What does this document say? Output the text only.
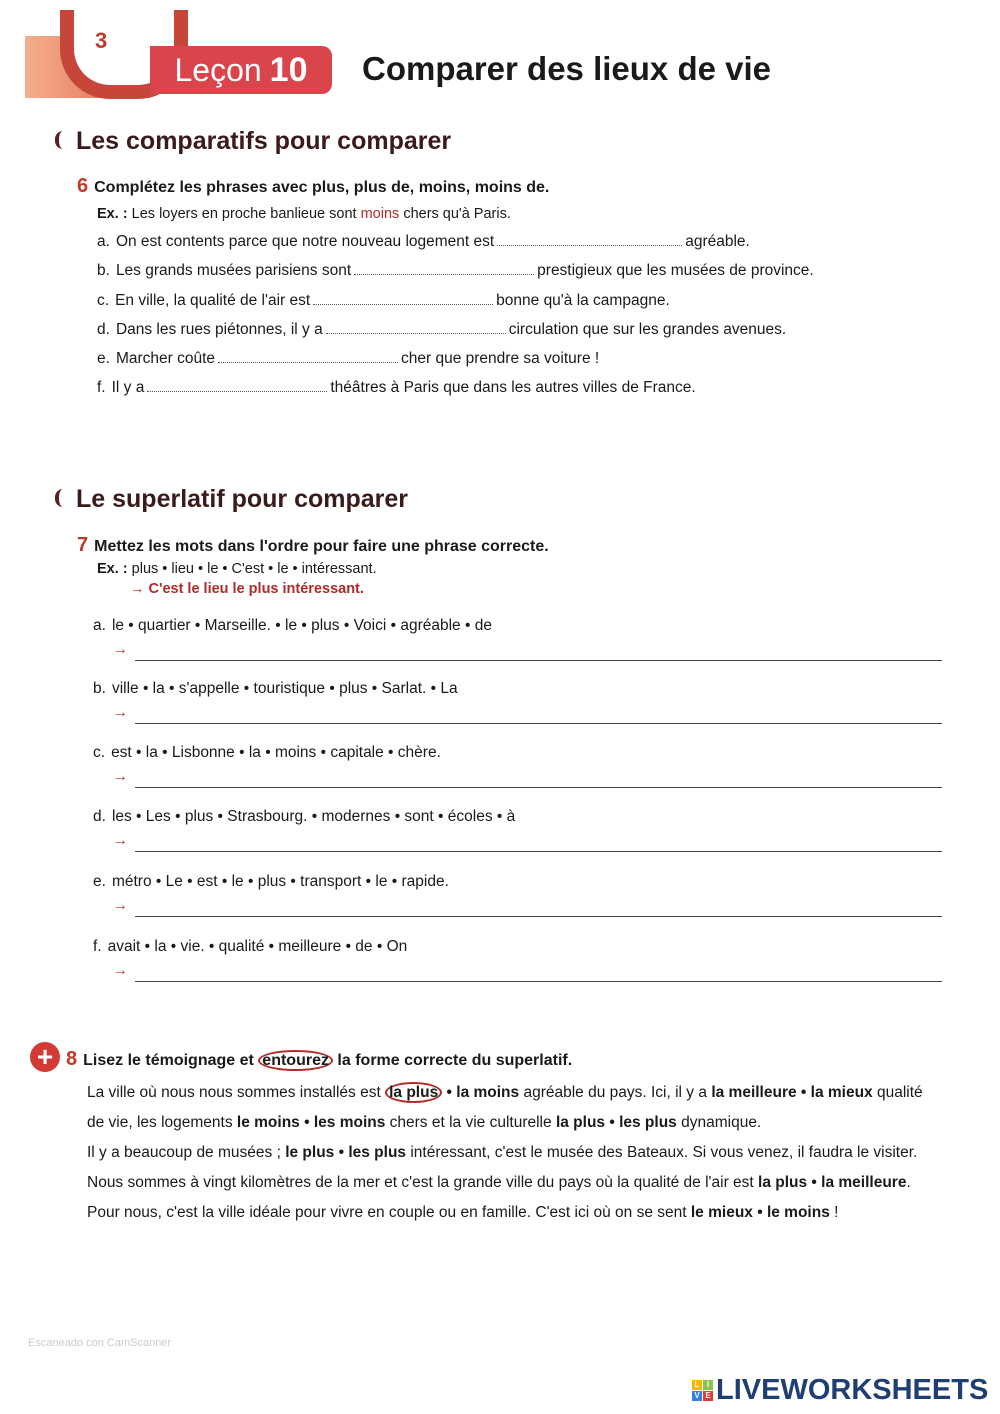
3
Leçon 10 Comparer des lieux de vie
Les comparatifs pour comparer
6 Complétez les phrases avec plus, plus de, moins, moins de.
Ex. : Les loyers en proche banlieue sont moins chers qu'à Paris.
a. On est contents parce que notre nouveau logement est	agréable.
b. Les grands musées parisiens sont	prestigieux que les musées de province.
c. En ville, la qualité de l'air est	bonne qu'à la campagne.
d. Dans les rues piétonnes, il y a	circulation que sur les grandes avenues.
e. Marcher coûte	cher que prendre sa voiture !
f. Il y a	théâtres à Paris que dans les autres villes de France.
Le superlatif pour comparer
7 Mettez les mots dans l'ordre pour faire une phrase correcte.
Ex. : plus • lieu • le • C'est • le • intéressant.
→ C'est le lieu le plus intéressant.
a. le • quartier • Marseille. • le • plus • Voici • agréable • de
→
b. ville • la • s'appelle • touristique • plus • Sarlat. • La
→
c. est • la • Lisbonne • la • moins • capitale • chère.
→
d. les • Les • plus • Strasbourg. • modernes • sont • écoles • à
→
e. métro • Le • est • le • plus • transport • le • rapide.
→
f. avait • la • vie. • qualité • meilleure • de • On
→
+ 8 Lisez le témoignage et entourez la forme correcte du superlatif.
La ville où nous nous sommes installés est la plus • la moins agréable du pays. Ici, il y a la meilleure • la mieux qualité de vie, les logements le moins • les moins chers et la vie culturelle la plus • les plus dynamique.
Il y a beaucoup de musées ; le plus • les plus intéressant, c'est le musée des Bateaux. Si vous venez, il faudra le visiter. Nous sommes à vingt kilomètres de la mer et c'est la grande ville du pays où la qualité de l'air est la plus • la meilleure. Pour nous, c'est la ville idéale pour vivre en couple ou en famille. C'est ici où on se sent le mieux • le moins !
Escaneado con CamScanner
L I
V E LIVEWORKSHEETS
